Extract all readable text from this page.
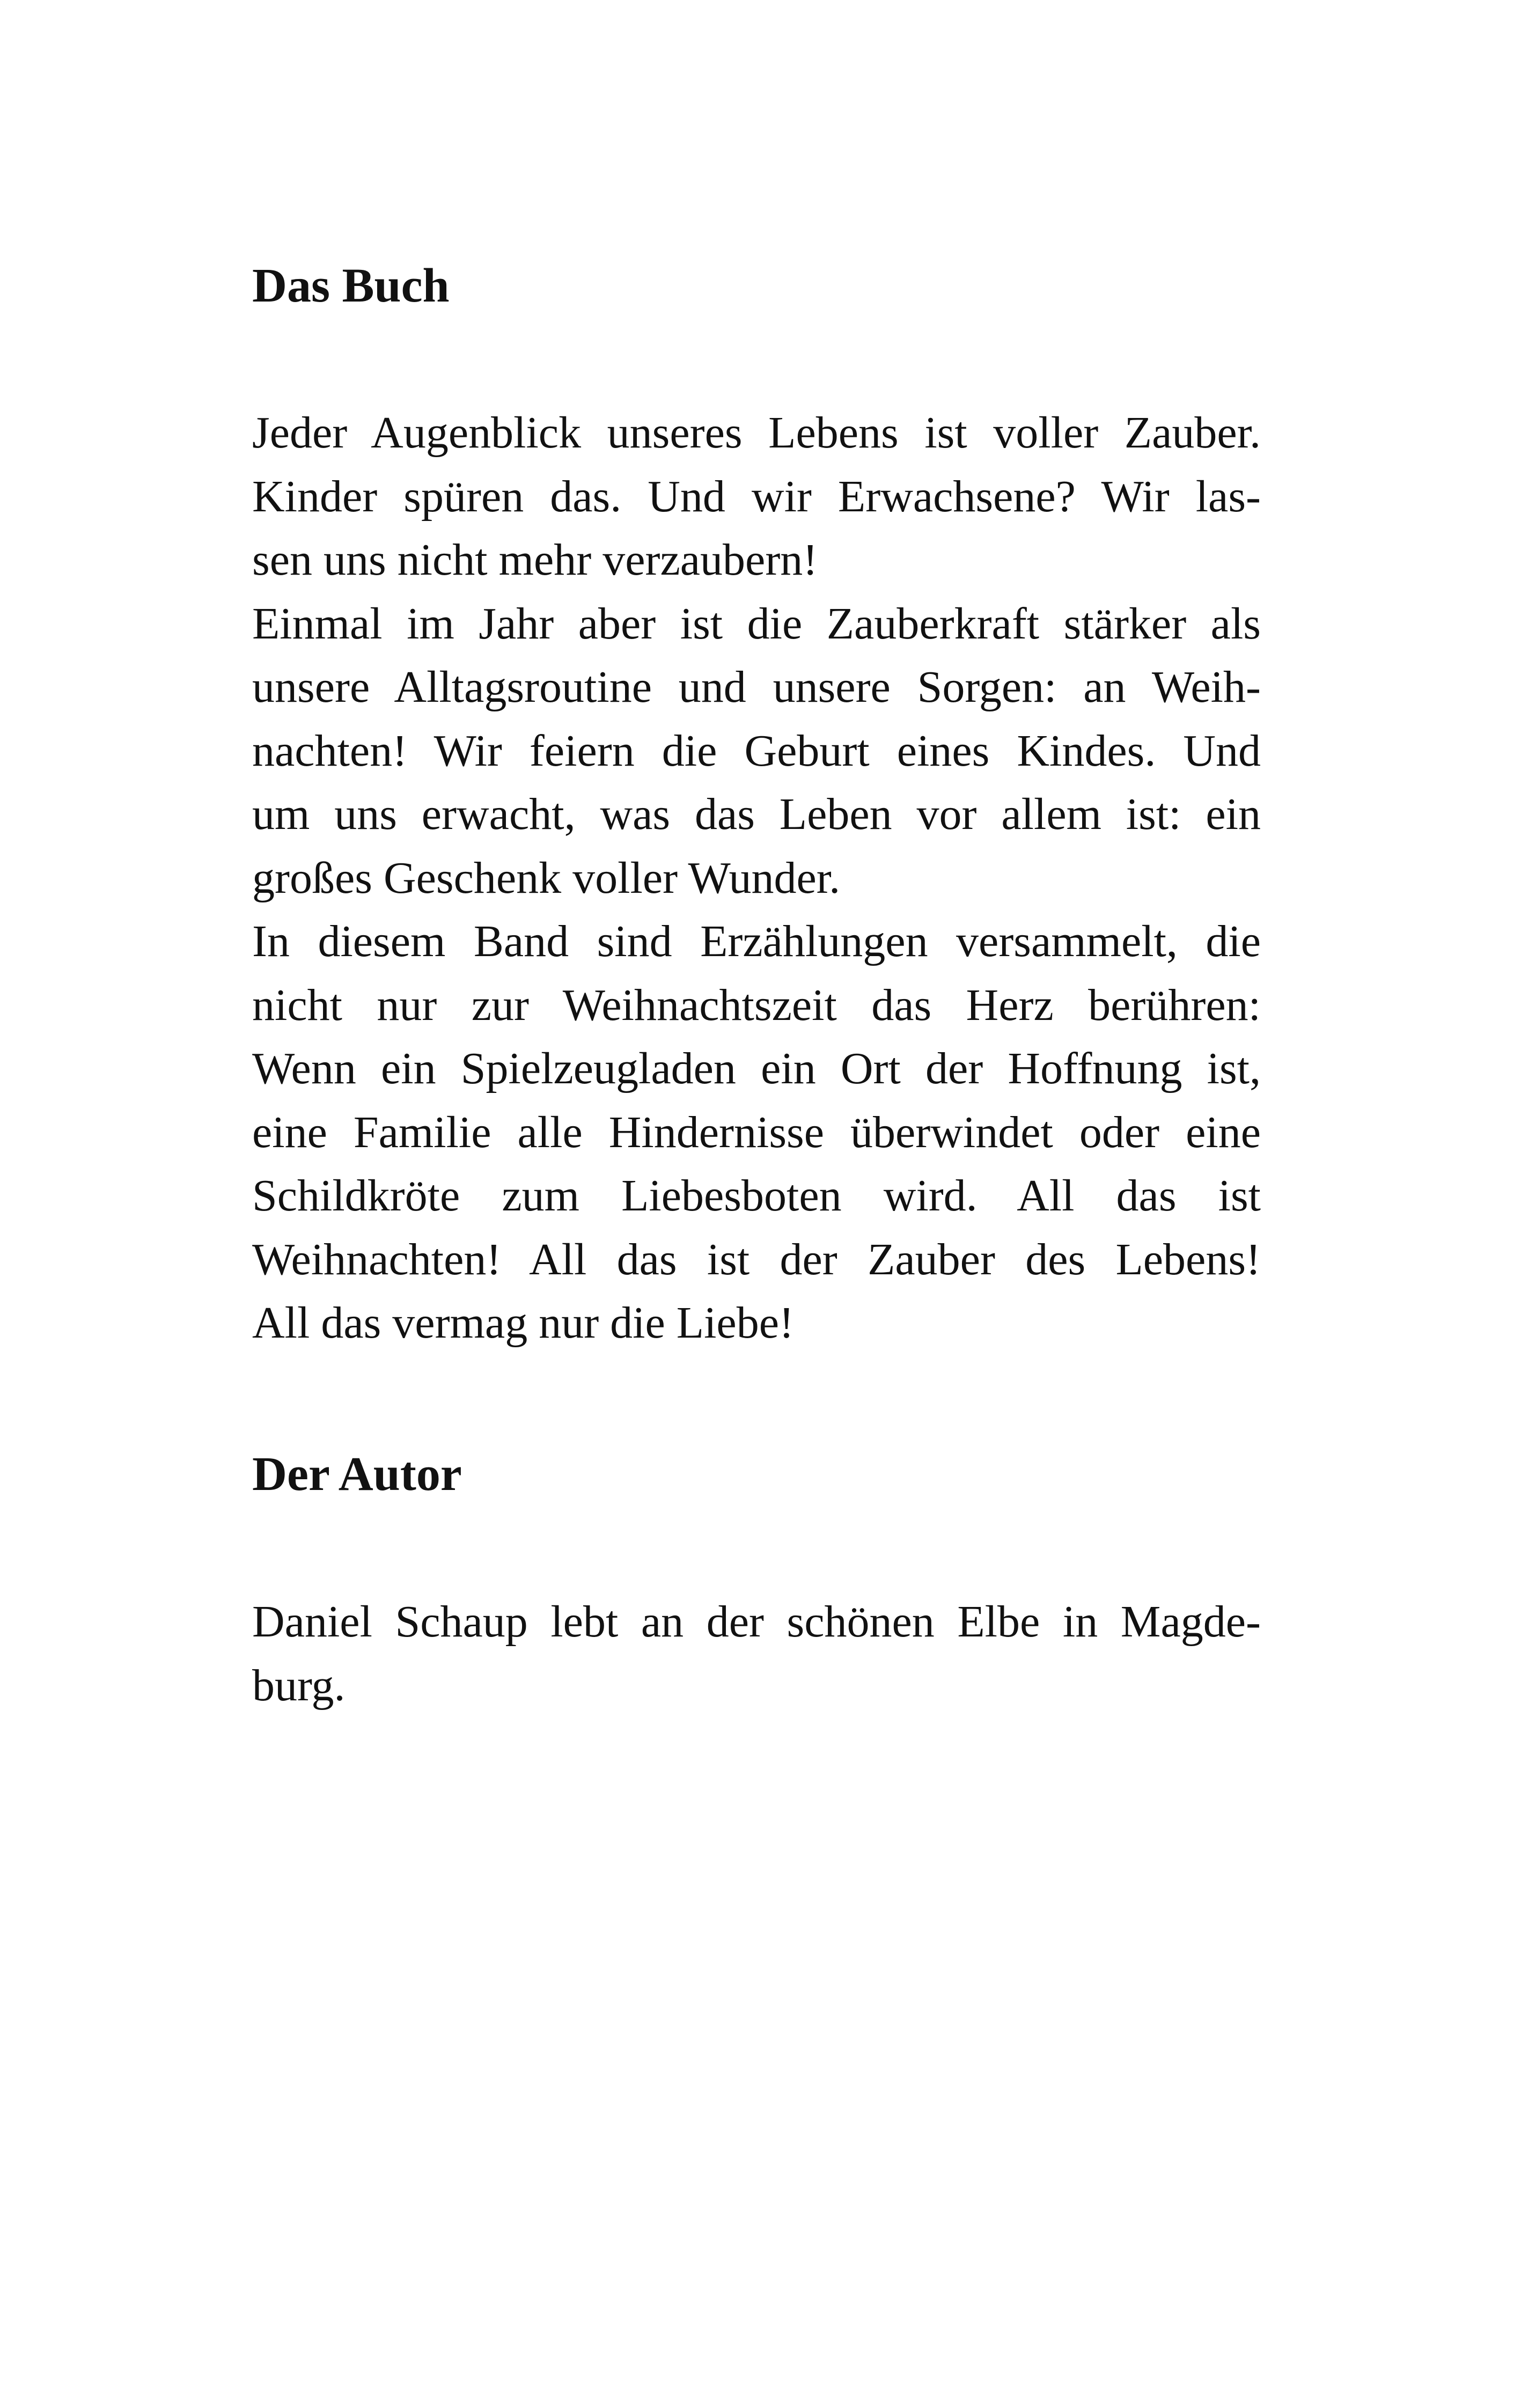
Das Buch
Jeder Augenblick unseres Lebens ist voller Zauber.
Kinder spüren das. Und wir Erwachsene? Wir las-
sen uns nicht mehr verzaubern!
Einmal im Jahr aber ist die Zauberkraft stärker als
unsere Alltagsroutine und unsere Sorgen: an Weih-
nachten! Wir feiern die Geburt eines Kindes. Und
um uns erwacht, was das Leben vor allem ist: ein
großes Geschenk voller Wunder.
In diesem Band sind Erzählungen versammelt, die
nicht nur zur Weihnachtszeit das Herz berühren:
Wenn ein Spielzeugladen ein Ort der Hoffnung ist,
eine Familie alle Hindernisse überwindet oder eine
Schildkröte zum Liebesboten wird. All das ist
Weihnachten! All das ist der Zauber des Lebens!
All das vermag nur die Liebe!
Der Autor
Daniel Schaup lebt an der schönen Elbe in Magde-
burg.
